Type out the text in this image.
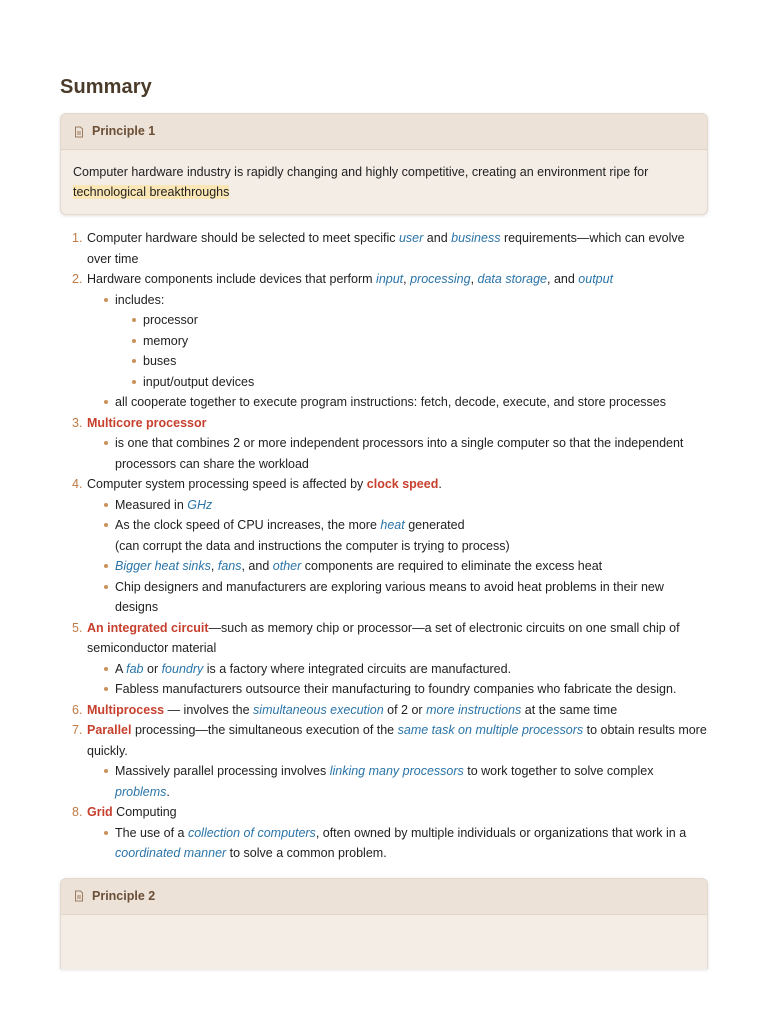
Summary
Principle 1
Computer hardware industry is rapidly changing and highly competitive, creating an environment ripe for technological breakthroughs
Computer hardware should be selected to meet specific user and business requirements—which can evolve over time
Hardware components include devices that perform input, processing, data storage, and output
includes:
processor
memory
buses
input/output devices
all cooperate together to execute program instructions: fetch, decode, execute, and store processes
Multicore processor
is one that combines 2 or more independent processors into a single computer so that the independent processors can share the workload
Computer system processing speed is affected by clock speed.
Measured in GHz
As the clock speed of CPU increases, the more heat generated
(can corrupt the data and instructions the computer is trying to process)
Bigger heat sinks, fans, and other components are required to eliminate the excess heat
Chip designers and manufacturers are exploring various means to avoid heat problems in their new designs
An integrated circuit—such as memory chip or processor—a set of electronic circuits on one small chip of semiconductor material
A fab or foundry is a factory where integrated circuits are manufactured.
Fabless manufacturers outsource their manufacturing to foundry companies who fabricate the design.
Multiprocess — involves the simultaneous execution of 2 or more instructions at the same time
Parallel processing—the simultaneous execution of the same task on multiple processors to obtain results more quickly.
Massively parallel processing involves linking many processors to work together to solve complex problems.
Grid Computing
The use of a collection of computers, often owned by multiple individuals or organizations that work in a coordinated manner to solve a common problem.
Principle 2
